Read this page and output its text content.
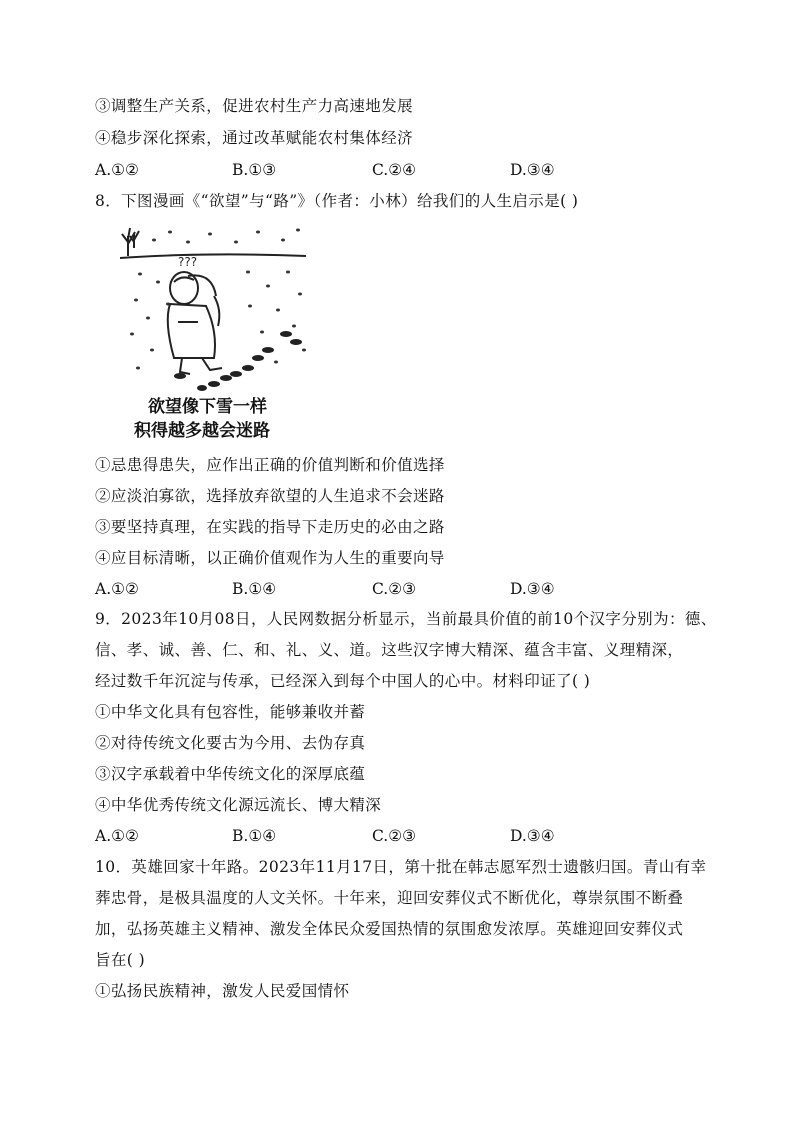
③调整生产关系，促进农村生产力高速地发展
④稳步深化探索，通过改革赋能农村集体经济
A.①②	B.①③	C.②④	D.③④
8．下图漫画《“欲望”与“路”》（作者：小林）给我们的人生启示是( )
???
欲望像下雪一样
积得越多越会迷路
①忌患得患失，应作出正确的价值判断和价值选择
②应淡泊寡欲，选择放弃欲望的人生追求不会迷路
③要坚持真理，在实践的指导下走历史的必由之路
④应目标清晰，以正确价值观作为人生的重要向导
A.①②	B.①④	C.②③	D.③④
9．2023年10月08日，人民网数据分析显示，当前最具价值的前10个汉字分别为：德、
信、孝、诚、善、仁、和、礼、义、道。这些汉字博大精深、蕴含丰富、义理精深，
经过数千年沉淀与传承，已经深入到每个中国人的心中。材料印证了( )
①中华文化具有包容性，能够兼收并蓄
②对待传统文化要古为今用、去伪存真
③汉字承载着中华传统文化的深厚底蕴
④中华优秀传统文化源远流长、博大精深
A.①②	B.①④	C.②③	D.③④
10．英雄回家十年路。2023年11月17日，第十批在韩志愿军烈士遗骸归国。青山有幸
葬忠骨，是极具温度的人文关怀。十年来，迎回安葬仪式不断优化，尊崇氛围不断叠
加，弘扬英雄主义精神、激发全体民众爱国热情的氛围愈发浓厚。英雄迎回安葬仪式
旨在( )
①弘扬民族精神，激发人民爱国情怀
